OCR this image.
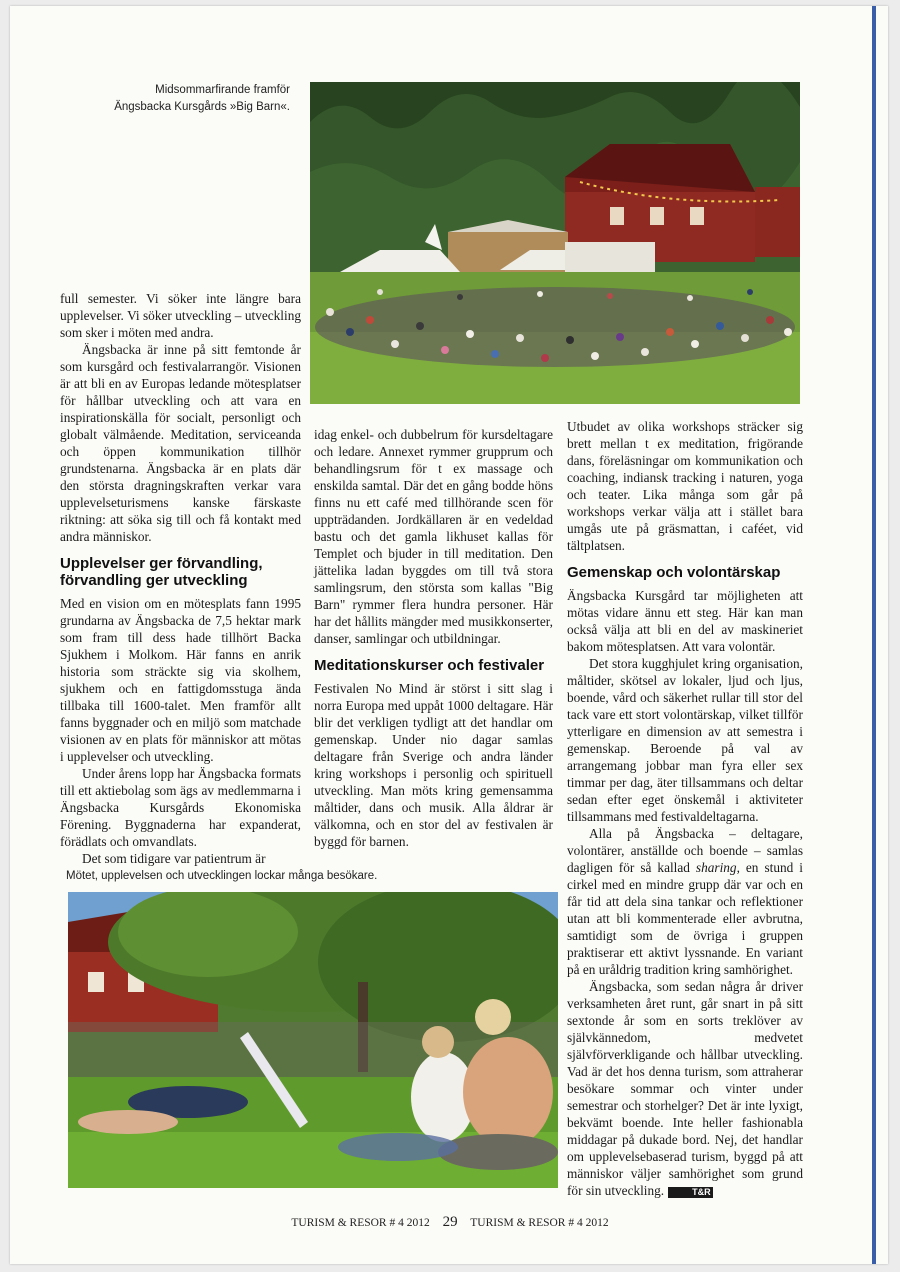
Midsommarfirande framför
Ängsbacka Kursgårds »Big Barn«.

full semester. Vi söker inte längre bara upplevelser. Vi söker utveckling – utveckling som sker i möten med andra.

Ängsbacka är inne på sitt femtonde år som kursgård och festivalarrangör. Visionen är att bli en av Europas ledande mötesplatser för hållbar utveckling och att vara en inspirationskälla för socialt, personligt och globalt välmående. Meditation, serviceanda och öppen kommunikation tillhör grundstenarna. Ängsbacka är en plats där den största dragningskraften verkar vara upplevelseturismens kanske färskaste riktning: att söka sig till och få kontakt med andra människor.

Upplevelser ger förvandling,
förvandling ger utveckling

Med en vision om en mötesplats fann 1995 grundarna av Ängsbacka de 7,5 hektar mark som fram till dess hade tillhört Backa Sjukhem i Molkom. Här fanns en anrik historia som sträckte sig via skolhem, sjukhem och en fattigdomsstuga ända tillbaka till 1600-talet. Men framför allt fanns byggnader och en miljö som matchade visionen av en plats för människor att mötas i upplevelser och utveckling.

Under årens lopp har Ängsbacka formats till ett aktiebolag som ägs av medlemmarna i Ängsbacka Kursgårds Ekonomiska Förening. Byggnaderna har expanderat, förädlats och omvandlats.

Det som tidigare var patientrum är

idag enkel- och dubbelrum för kursdeltagare och ledare. Annexet rymmer grupprum och behandlingsrum för t ex massage och enskilda samtal. Där det en gång bodde höns finns nu ett café med tillhörande scen för uppträdanden. Jordkällaren är en vedeldad bastu och det gamla likhuset kallas för Templet och bjuder in till meditation. Den jättelika ladan byggdes om till två stora samlingsrum, den största som kallas "Big Barn" rymmer flera hundra personer. Här har det hållits mängder med musikkonserter, danser, samlingar och utbildningar.

Meditationskurser och festivaler

Festivalen No Mind är störst i sitt slag i norra Europa med uppåt 1000 deltagare. Här blir det verkligen tydligt att det handlar om gemenskap. Under nio dagar samlas deltagare från Sverige och andra länder kring workshops i personlig och spirituell utveckling. Man möts kring gemensamma måltider, dans och musik. Alla åldrar är välkomna, och en stor del av festivalen är byggd för barnen.

Utbudet av olika workshops sträcker sig brett mellan t ex meditation, frigörande dans, föreläsningar om kommunikation och coaching, indiansk tracking i naturen, yoga och teater. Lika många som går på workshops verkar välja att i stället bara umgås ute på gräsmattan, i caféet, vid tältplatsen.

Gemenskap och volontärskap

Ängsbacka Kursgård tar möjligheten att mötas vidare ännu ett steg. Här kan man också välja att bli en del av maskineriet bakom mötesplatsen. Att vara volontär.

Det stora kugghjulet kring organisation, måltider, skötsel av lokaler, ljud och ljus, boende, vård och säkerhet rullar till stor del tack vare ett stort volontärskap, vilket tillför ytterligare en dimension av att semestra i gemenskap. Beroende på val av arrangemang jobbar man fyra eller sex timmar per dag, äter tillsammans och deltar sedan efter eget önskemål i aktiviteter tillsammans med festivaldeltagarna.

Alla på Ängsbacka – deltagare, volontärer, anställde och boende – samlas dagligen för så kallad sharing, en stund i cirkel med en mindre grupp där var och en får tid att dela sina tankar och reflektioner utan att bli kommenterade eller avbrutna, samtidigt som de övriga i gruppen praktiserar ett aktivt lyssnande. En variant på en uråldrig tradition kring samhörighet.

Ängsbacka, som sedan några år driver verksamheten året runt, går snart in på sitt sextonde år som en sorts treklöver av självkännedom, medvetet självförverkligande och hållbar utveckling. Vad är det hos denna turism, som attraherar besökare sommar och vinter under semestrar och storhelger? Det är inte lyxigt, bekvämt boende. Inte heller fashionabla middagar på dukade bord. Nej, det handlar om upplevelsebaserad turism, byggd på att människor väljer samhörighet som grund för sin utveckling.	T&R

Mötet, upplevelsen och utvecklingen lockar många besökare.
TURISM & RESOR # 4 2012 29 TURISM & RESOR # 4 2012
